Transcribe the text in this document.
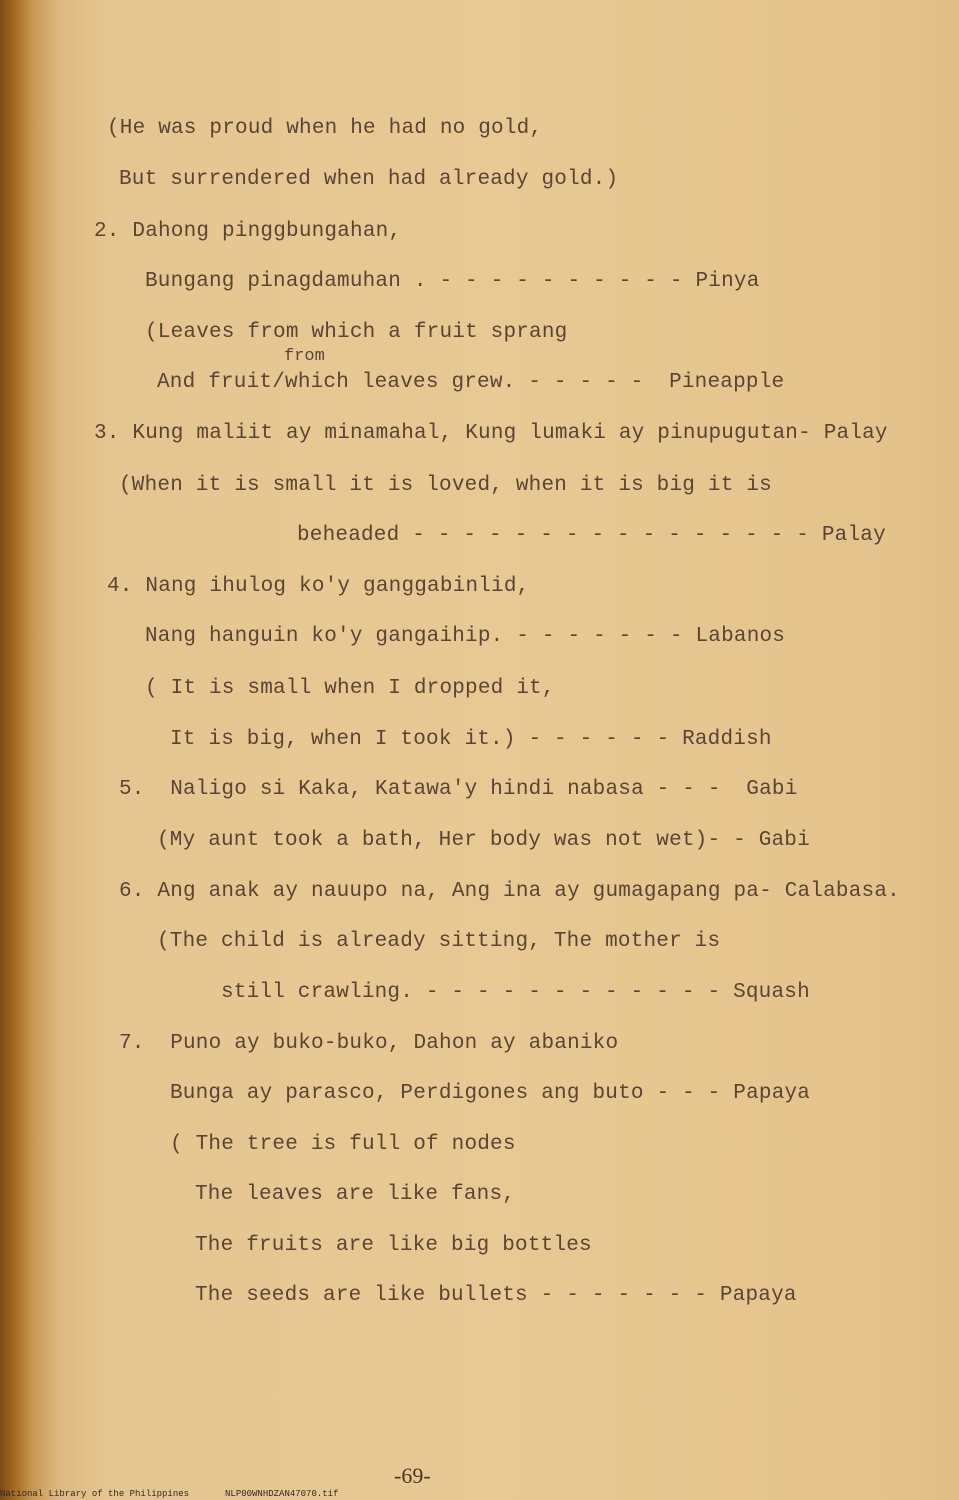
(He was proud when he had no gold,
But surrendered when had already gold.)
2. Dahong pinggbungahan,
Bungang pinagdamuhan . - - - - - - - - - - Pinya
(Leaves from which a fruit sprang
from
And fruit/which leaves grew. - - - - -  Pineapple
3. Kung maliit ay minamahal, Kung lumaki ay pinupugutan- Palay
(When it is small it is loved, when it is big it is
beheaded - - - - - - - - - - - - - - - - Palay
4. Nang ihulog ko'y ganggabinlid,
Nang hanguin ko'y gangaihip. - - - - - - - Labanos
( It is small when I dropped it,
It is big, when I took it.) - - - - - - Raddish
5.  Naligo si Kaka, Katawa'y hindi nabasa - - -  Gabi
(My aunt took a bath, Her body was not wet)- - Gabi
6. Ang anak ay nauupo na, Ang ina ay gumagapang pa- Calabasa.
(The child is already sitting, The mother is
still crawling. - - - - - - - - - - - - Squash
7.  Puno ay buko-buko, Dahon ay abaniko
Bunga ay parasco, Perdigones ang buto - - - Papaya
( The tree is full of nodes
The leaves are like fans,
The fruits are like big bottles
The seeds are like bullets - - - - - - - Papaya
-69-
National Library of the Philippines	NLP00WNHDZAN47070.tif
